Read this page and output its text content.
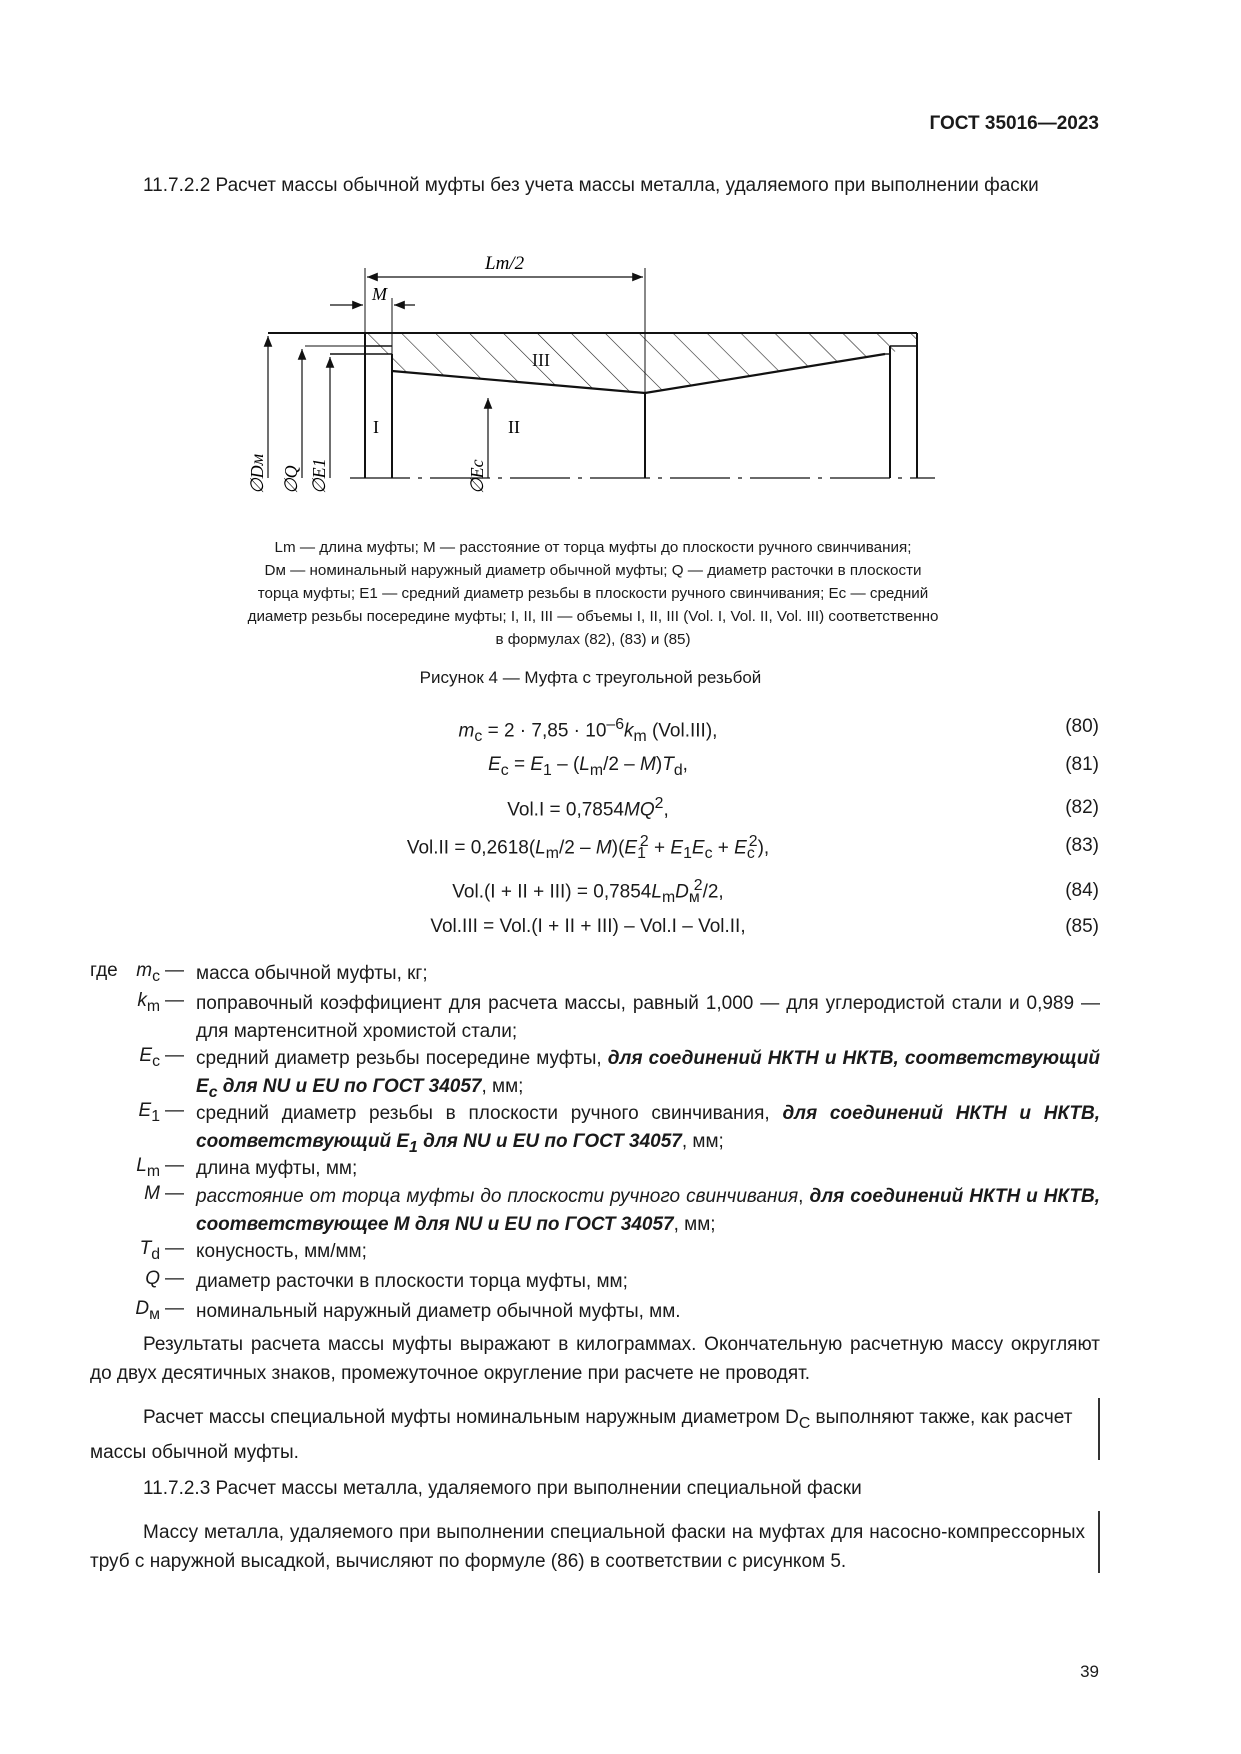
ГОСТ 35016—2023
11.7.2.2 Расчет массы обычной муфты без учета массы металла, удаляемого при выполнении фаски
Lm/2
M
I	II
III
∅Dм ∅Q ∅E1	∅Ec
Lm — длина муфты; M — расстояние от торца муфты до плоскости ручного свинчивания;
Dм — номинальный наружный диаметр обычной муфты; Q — диаметр расточки в плоскости
торца муфты; E1 — средний диаметр резьбы в плоскости ручного свинчивания; Ec — средний
диаметр резьбы посередине муфты; I, II, III — объемы I, II, III (Vol. I, Vol. II, Vol. III) соответственно
в формулах (82), (83) и (85)
Рисунок 4 — Муфта с треугольной резьбой
$m_c = 2 \cdot 7,85 \cdot 10^{-6}k_m$ (Vol.III),	(80)
$E_c = E_1 - (L_m/2 - M)T_d$,	(81)
$Vol.I = 0,7854MQ^2$,	(82)
$Vol.II = 0,2618(L_m/2 - M)(E_1^2 + E_1E_c + E_c^2)$,	(83)
Vol.(I + II + $III) = 0,7854L_mD_м^2/2$,	(84)
Vol.III = Vol.(I + II + III) – Vol.I – Vol.II,	(85)
где $m_c$ — масса обычной муфты, кг;
$k_m$ — поправочный коэффициент для расчета массы, равный 1,000 — для углеродистой стали и 0,989 — для мартенситной хромистой стали;
$E_c$ — средний диаметр резьбы посередине муфты, для соединений НКТН и НКТВ, соответствующий $E_c$ для NU и EU по ГОСТ 34057, мм;
$E_1$ — средний диаметр резьбы в плоскости ручного свинчивания, для соединений НКТН и НКТВ, соответствующий $E_1$ для NU и EU по ГОСТ 34057, мм;
$L_m$ — длина муфты, мм;
M — расстояние от торца муфты до плоскости ручного свинчивания, для соединений НКТН и НКТВ, соответствующее M для NU и EU по ГОСТ 34057, мм;
$T_d$ — конусность, мм/мм;
Q — диаметр расточки в плоскости торца муфты, мм;
$D_м$ — номинальный наружный диаметр обычной муфты, мм.
Результаты расчета массы муфты выражают в килограммах. Окончательную расчетную массу округляют до двух десятичных знаков, промежуточное округление при расчете не проводят.
Расчет массы специальной муфты номинальным наружным диаметром $D_C$ выполняют также, как расчет массы обычной муфты.
11.7.2.3 Расчет массы металла, удаляемого при выполнении специальной фаски
Массу металла, удаляемого при выполнении специальной фаски на муфтах для насосно-компрессорных труб с наружной высадкой, вычисляют по формуле (86) в соответствии с рисунком 5.
39
